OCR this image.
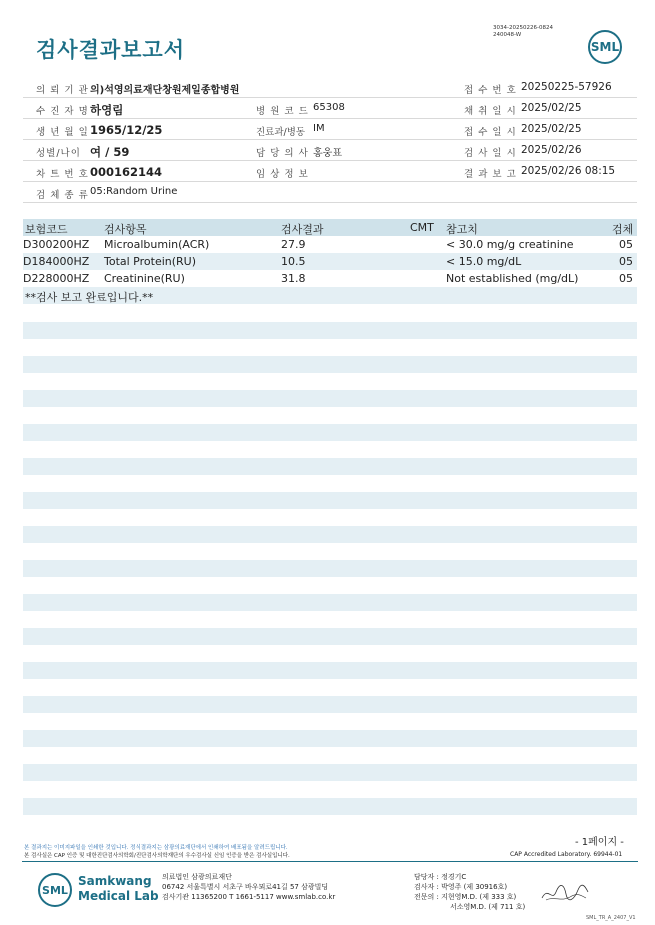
검사결과보고서
3034-20250226-0824
240048-W
SML
의 뢰 기 관 의)석영의료재단창원제일종합병원	접 수 번 호 20250225-57926
수 진 자 명 하영림	병 원 코 드 65308	채 취 일 시 2025/02/25
생 년 월 일 1965/12/25	진료과/병동 IM	접 수 일 시 2025/02/25
성별/나이 여 / 59	담 당 의 사 홍웅표	검 사 일 시 2025/02/26
차 트 번 호 000162144	임 상 정 보	결 과 보 고 2025/02/26 08:15
검 체 종 류 05:Random Urine
보험코드	검사항목	검사결과	CMT 참고치	검체
D300200HZ Microalbumin(ACR)	27.9	< 30.0 mg/g creatinine	05
D184000HZ Total Protein(RU)	10.5	< 15.0 mg/dL	05
D228000HZ Creatinine(RU)	31.8	Not established (mg/dL)	05
**검사 보고 완료입니다.**
- 1페이지 -
본 결과지는 이미지파일을 인쇄한 것입니다. 정식결과지는 삼광의료재단에서 인쇄하여 배포됨을 알려드립니다.
본 검사실은 CAP 인증 및 대한진단검사의학회/진단검사의학재단의 우수검사실 신임 인증을 받은 검사실입니다.	CAP Accredited Laboratory. 69944-01
SML
Samkwang
Medical Lab
의료법인 삼광의료재단
06742 서울특별시 서초구 바우뫼로41길 57 삼광빌딩
검사기관 11365200 T 1661-5117 www.smlab.co.kr
담당자 : 정경기C
검사자 : 박영주 (제 30916호)
전문의 : 지현영M.D. (제 333 호)
서소영M.D. (제 711 호)
SML_TR_A_2407_V1
